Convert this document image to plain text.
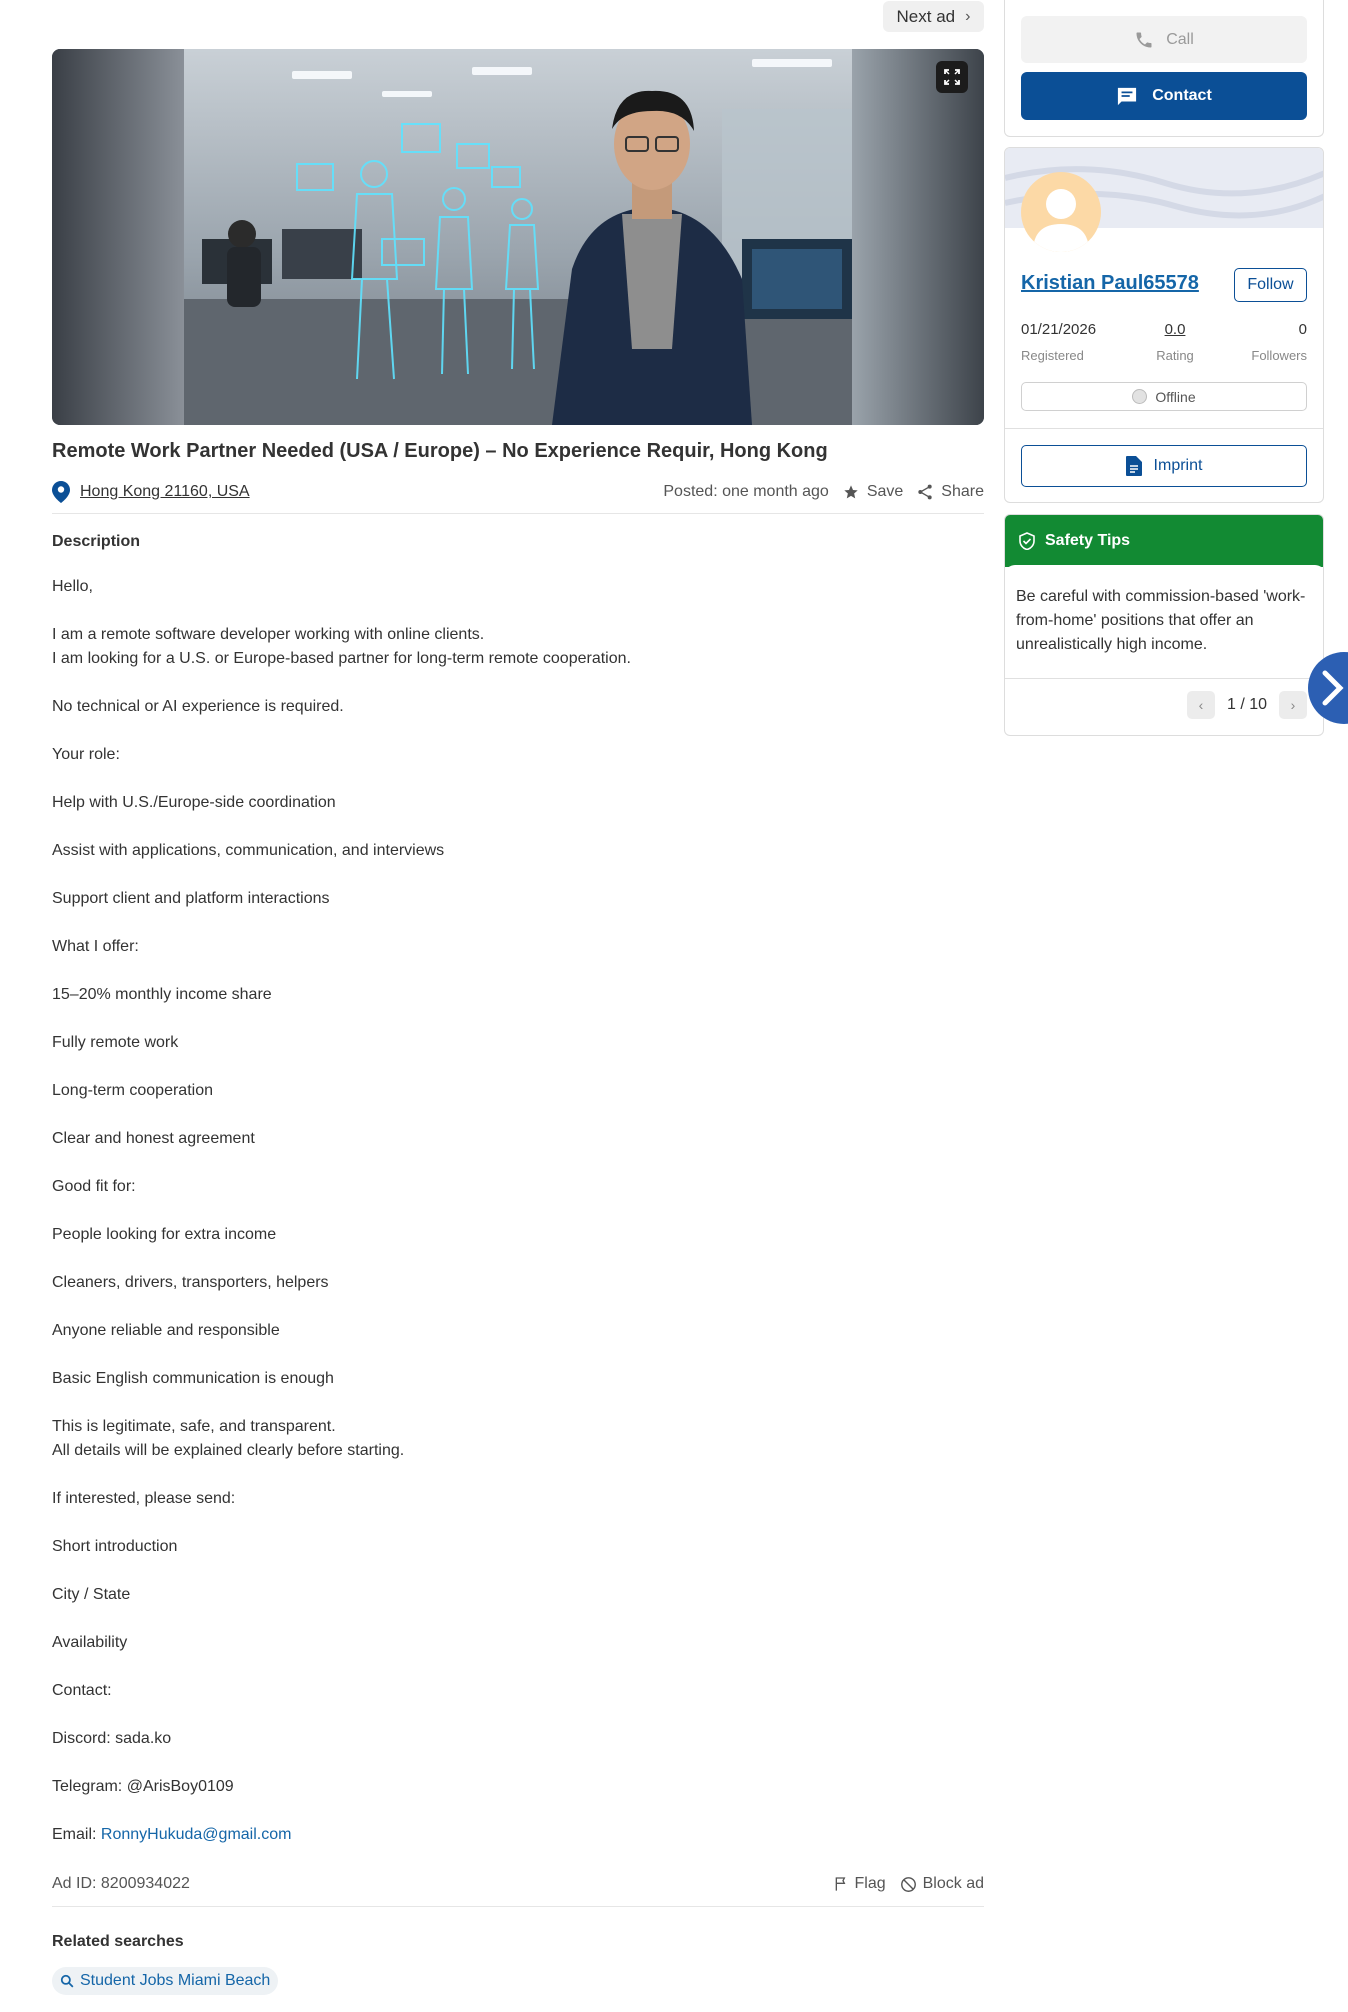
Next ad ›
Remote Work Partner Needed (USA / Europe) – No Experience Requir, Hong Kong
Hong Kong 21160, USA	Posted: one month ago Save Share
Description

Hello,

I am a remote software developer working with online clients.
I am looking for a U.S. or Europe-based partner for long-term remote cooperation.

No technical or AI experience is required.

Your role:

Help with U.S./Europe-side coordination

Assist with applications, communication, and interviews

Support client and platform interactions

What I offer:

15–20% monthly income share

Fully remote work

Long-term cooperation

Clear and honest agreement

Good fit for:

People looking for extra income

Cleaners, drivers, transporters, helpers

Anyone reliable and responsible

Basic English communication is enough

This is legitimate, safe, and transparent.
All details will be explained clearly before starting.

If interested, please send:

Short introduction

City / State

Availability

Contact:

Discord: sada.ko

Telegram: @ArisBoy0109

Email: RonnyHukuda@gmail.com

Ad ID: 8200934022	Flag Block ad
Related searches
Student Jobs Miami Beach
Call
Contact
Kristian Paul65578	Follow
01/21/2026
Registered
0.0
Rating
0
Followers
Offline
Imprint
Safety Tips
Be careful with commission-based 'work-from-home' positions that offer an unrealistically high income.
‹	1 / 10	›
